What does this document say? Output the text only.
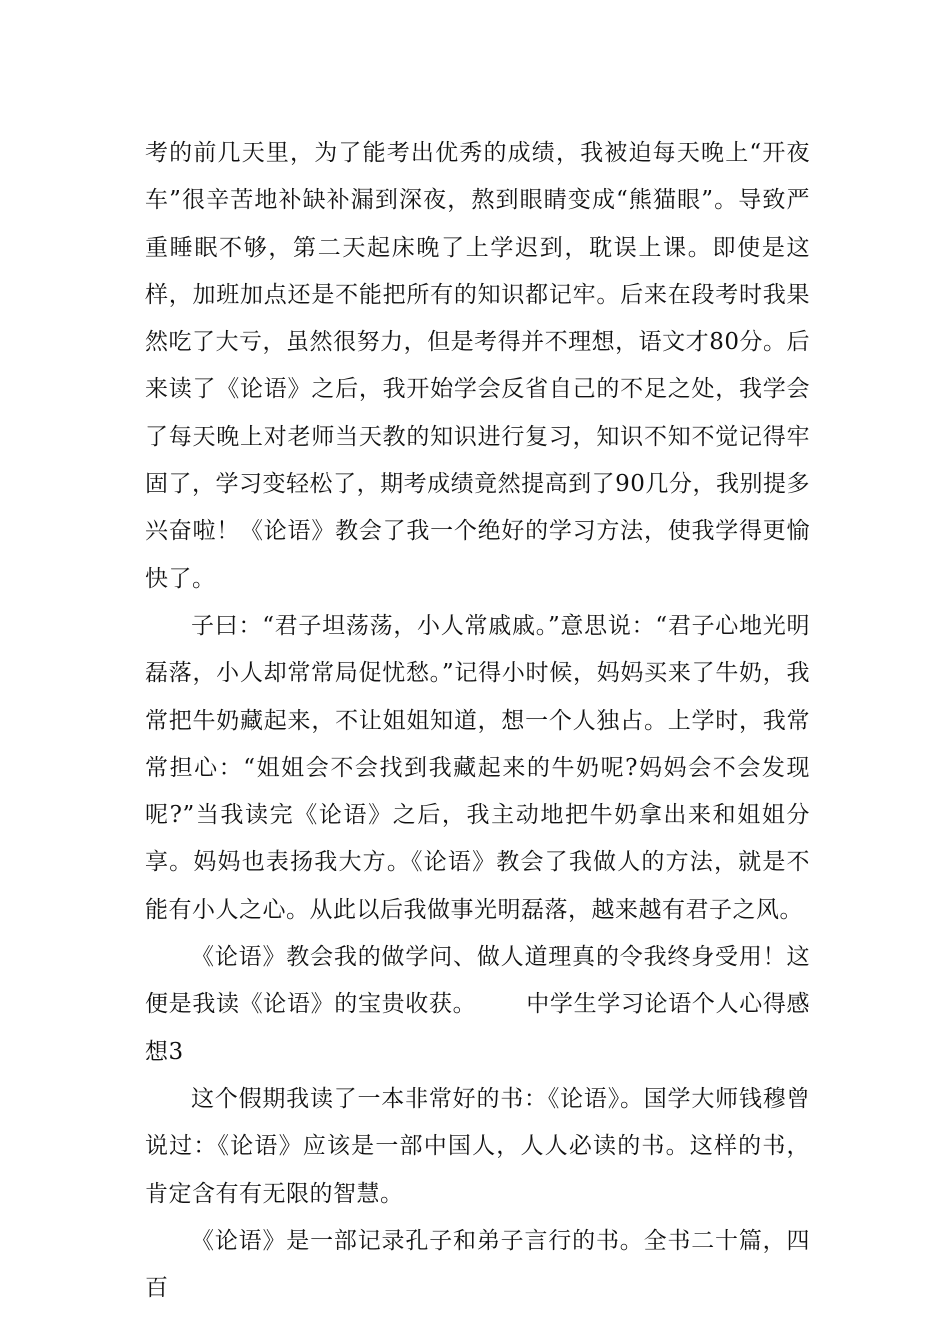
考的前几天里，为了能考出优秀的成绩，我被迫每天晚上“开夜车”很辛苦地补缺补漏到深夜，熬到眼睛变成“熊猫眼”。导致严重睡眠不够，第二天起床晚了上学迟到，耽误上课。即使是这样，加班加点还是不能把所有的知识都记牢。后来在段考时我果然吃了大亏，虽然很努力，但是考得并不理想，语文才80分。后来读了《论语》之后，我开始学会反省自己的不足之处，我学会了每天晚上对老师当天教的知识进行复习，知识不知不觉记得牢固了，学习变轻松了，期考成绩竟然提高到了90几分，我别提多兴奋啦！《论语》教会了我一个绝好的学习方法，使我学得更愉快了。

子曰：“君子坦荡荡，小人常戚戚。”意思说：“君子心地光明磊落，小人却常常局促忧愁。”记得小时候，妈妈买来了牛奶，我常把牛奶藏起来，不让姐姐知道，想一个人独占。上学时，我常常担心：“姐姐会不会找到我藏起来的牛奶呢?妈妈会不会发现呢?”当我读完《论语》之后，我主动地把牛奶拿出来和姐姐分享。妈妈也表扬我大方。《论语》教会了我做人的方法，就是不能有小人之心。从此以后我做事光明磊落，越来越有君子之风。

《论语》教会我的做学问、做人道理真的令我终身受用！这便是我读《论语》的宝贵收获。 中学生学习论语个人心得感想3

这个假期我读了一本非常好的书：《论语》。国学大师钱穆曾说过：《论语》应该是一部中国人，人人必读的书。这样的书，肯定含有有无限的智慧。

《论语》是一部记录孔子和弟子言行的书。全书二十篇，四百
